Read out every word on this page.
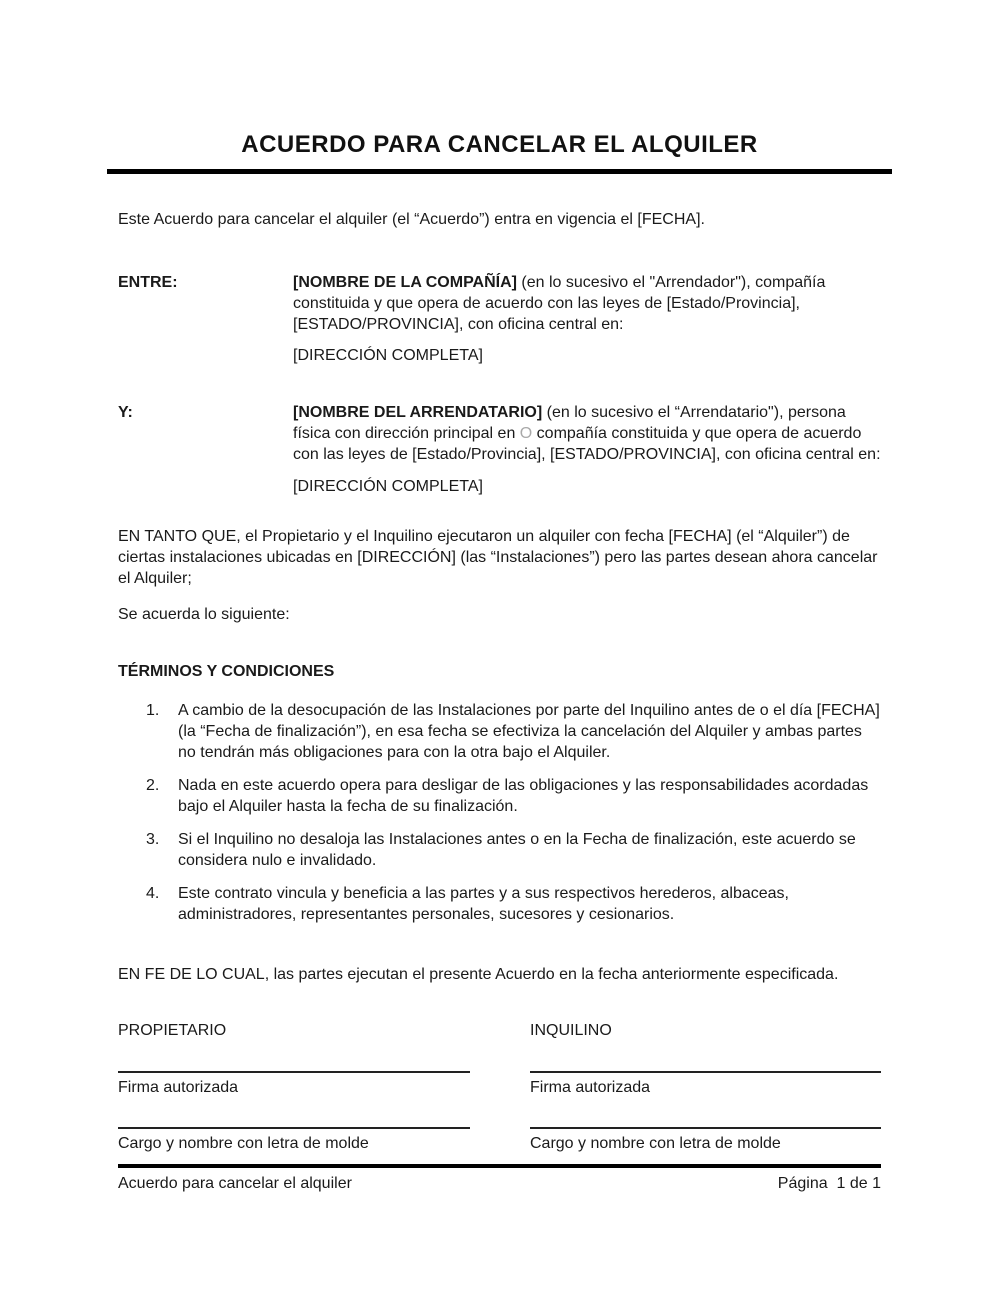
ACUERDO PARA CANCELAR EL ALQUILER

Este Acuerdo para cancelar el alquiler (el “Acuerdo”) entra en vigencia el [FECHA].

ENTRE:	[NOMBRE DE LA COMPAÑÍA] (en lo sucesivo el "Arrendador"), compañía constituida y que opera de acuerdo con las leyes de [Estado/Provincia], [ESTADO/PROVINCIA], con oficina central en:

[DIRECCIÓN COMPLETA]

Y:	[NOMBRE DEL ARRENDATARIO] (en lo sucesivo el “Arrendatario"), persona física con dirección principal en O compañía constituida y que opera de acuerdo con las leyes de [Estado/Provincia], [ESTADO/PROVINCIA], con oficina central en:

[DIRECCIÓN COMPLETA]

EN TANTO QUE, el Propietario y el Inquilino ejecutaron un alquiler con fecha [FECHA] (el “Alquiler”) de ciertas instalaciones ubicadas en [DIRECCIÓN] (las “Instalaciones”) pero las partes desean ahora cancelar el Alquiler;

Se acuerda lo siguiente:

TÉRMINOS Y CONDICIONES
1.	A cambio de la desocupación de las Instalaciones por parte del Inquilino antes de o el día [FECHA] (la “Fecha de finalización”), en esa fecha se efectiviza la cancelación del Alquiler y ambas partes no tendrán más obligaciones para con la otra bajo el Alquiler.
2.	Nada en este acuerdo opera para desligar de las obligaciones y las responsabilidades acordadas bajo el Alquiler hasta la fecha de su finalización.
3.	Si el Inquilino no desaloja las Instalaciones antes o en la Fecha de finalización, este acuerdo se considera nulo e invalidado.
4.	Este contrato vincula y beneficia a las partes y a sus respectivos herederos, albaceas, administradores, representantes personales, sucesores y cesionarios.

EN FE DE LO CUAL, las partes ejecutan el presente Acuerdo en la fecha anteriormente especificada.

PROPIETARIO	INQUILINO
Firma autorizada	Firma autorizada
Cargo y nombre con letra de molde	Cargo y nombre con letra de molde
Acuerdo para cancelar el alquiler	Página  1 de 1
